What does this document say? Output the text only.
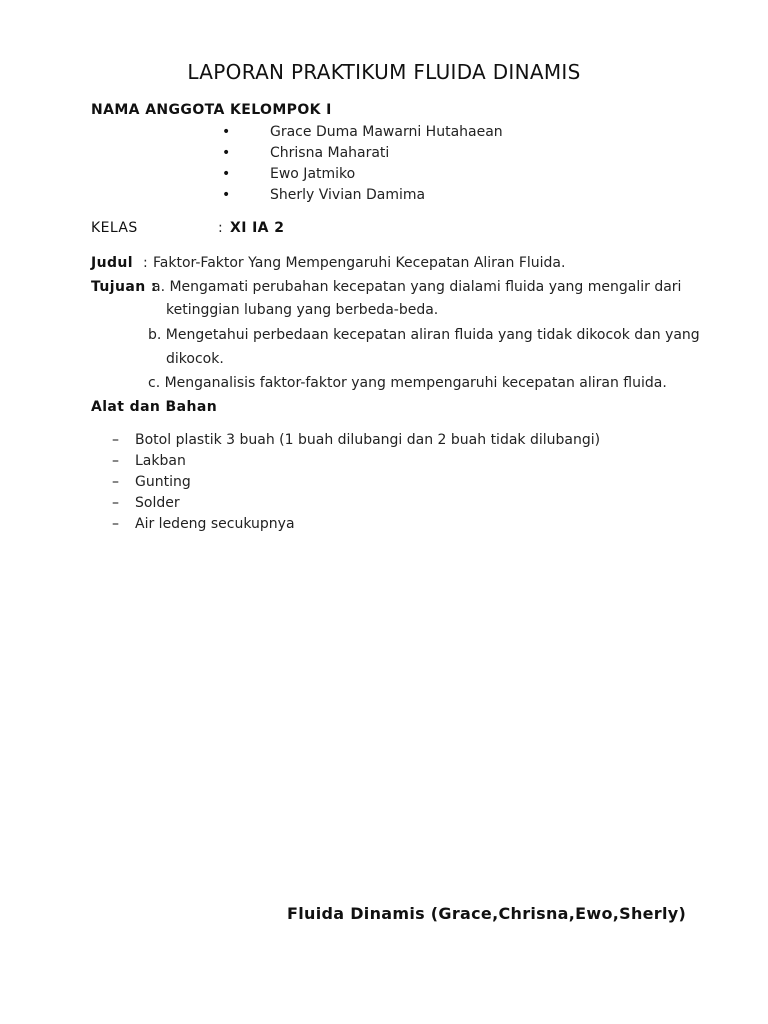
LAPORAN PRAKTIKUM FLUIDA DINAMIS
NAMA ANGGOTA KELOMPOK I
•	Grace Duma Mawarni Hutahaean
•	Chrisna Maharati
•	Ewo Jatmiko
•	Sherly Vivian Damima
KELAS	: XI IA 2
Judul : Faktor-Faktor Yang Mempengaruhi Kecepatan Aliran Fluida.
Tujuan :
a. Mengamati perubahan kecepatan yang dialami fluida yang mengalir dari
ketinggian lubang yang berbeda-beda.
b. Mengetahui perbedaan kecepatan aliran fluida yang tidak dikocok dan yang
dikocok.
c. Menganalisis faktor-faktor yang mempengaruhi kecepatan aliran fluida.
Alat dan Bahan
– Botol plastik 3 buah (1 buah dilubangi dan 2 buah tidak dilubangi)
– Lakban
– Gunting
– Solder
– Air ledeng secukupnya
Fluida Dinamis (Grace,Chrisna,Ewo,Sherly)
